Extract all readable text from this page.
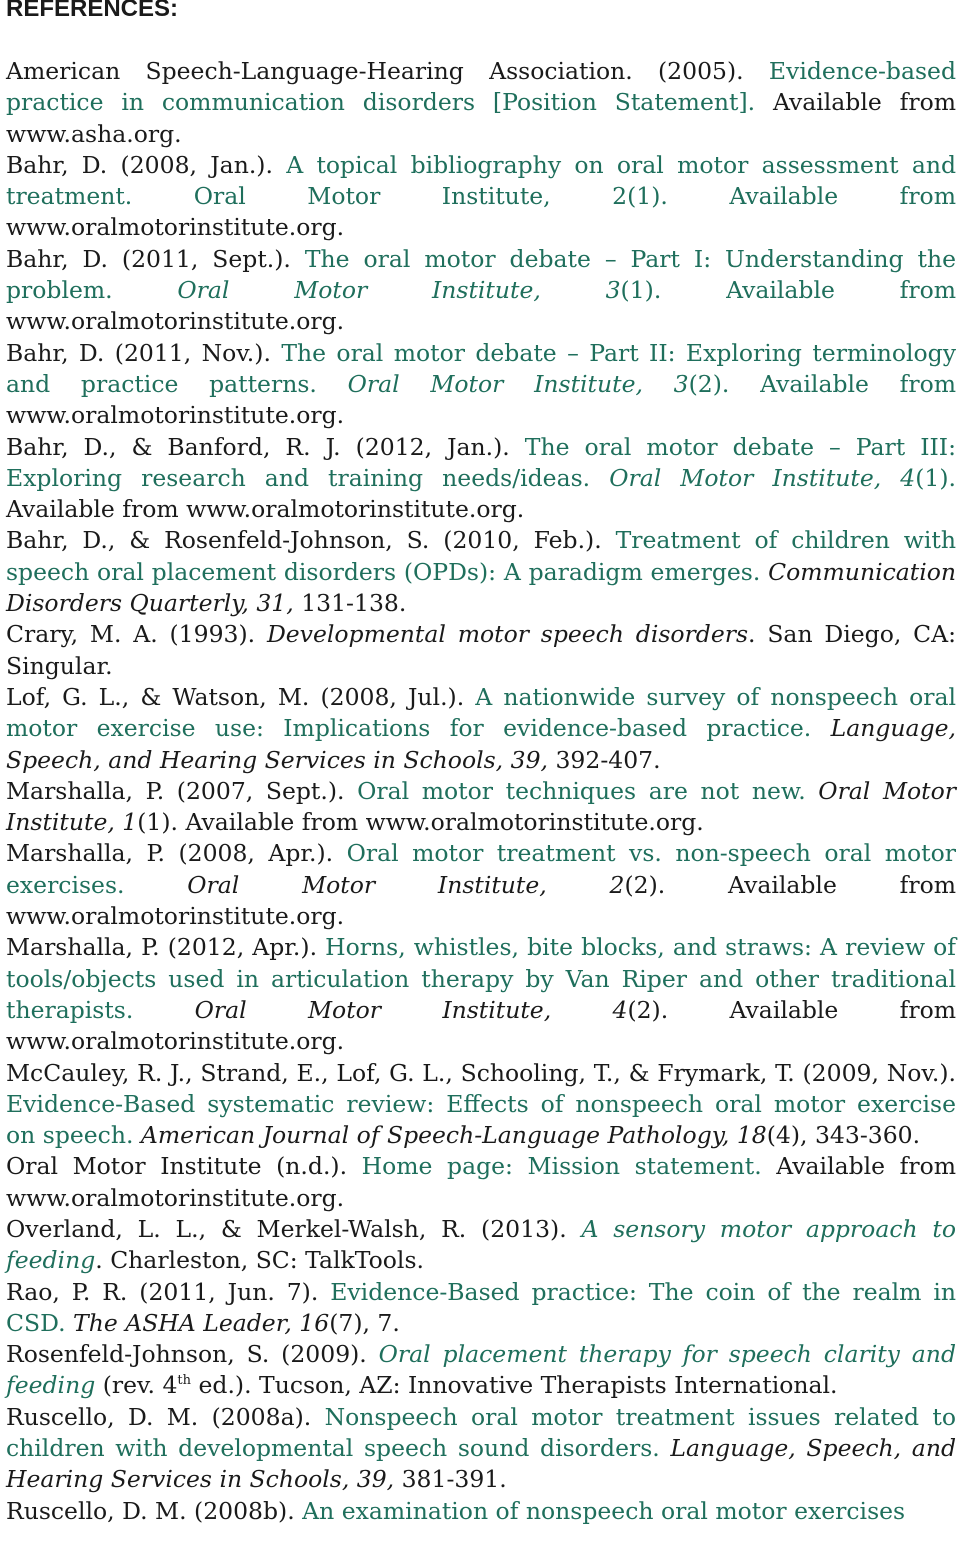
REFERENCES:

American Speech-Language-Hearing Association. (2005). Evidence-based practice in communication disorders [Position Statement]. Available from www.asha.org.

Bahr, D. (2008, Jan.). A topical bibliography on oral motor assessment and treatment. Oral Motor Institute, 2(1). Available from www.oralmotorinstitute.org.

Bahr, D. (2011, Sept.). The oral motor debate – Part I: Understanding the problem. Oral Motor Institute, 3(1). Available from www.oralmotorinstitute.org.

Bahr, D. (2011, Nov.). The oral motor debate – Part II: Exploring terminology and practice patterns. Oral Motor Institute, 3(2). Available from www.oralmotorinstitute.org.

Bahr, D., & Banford, R. J. (2012, Jan.). The oral motor debate – Part III: Exploring research and training needs/ideas. Oral Motor Institute, 4(1). Available from www.oralmotorinstitute.org.

Bahr, D., & Rosenfeld-Johnson, S. (2010, Feb.). Treatment of children with speech oral placement disorders (OPDs): A paradigm emerges. Communication Disorders Quarterly, 31, 131-138.

Crary, M. A. (1993). Developmental motor speech disorders. San Diego, CA: Singular.

Lof, G. L., & Watson, M. (2008, Jul.). A nationwide survey of nonspeech oral motor exercise use: Implications for evidence-based practice. Language, Speech, and Hearing Services in Schools, 39, 392-407.

Marshalla, P. (2007, Sept.). Oral motor techniques are not new. Oral Motor Institute, 1(1). Available from www.oralmotorinstitute.org.

Marshalla, P. (2008, Apr.). Oral motor treatment vs. non-speech oral motor exercises. Oral Motor Institute, 2(2). Available from www.oralmotorinstitute.org.

Marshalla, P. (2012, Apr.). Horns, whistles, bite blocks, and straws: A review of tools/objects used in articulation therapy by Van Riper and other traditional therapists. Oral Motor Institute, 4(2). Available from www.oralmotorinstitute.org.

McCauley, R. J., Strand, E., Lof, G. L., Schooling, T., & Frymark, T. (2009, Nov.). Evidence-Based systematic review: Effects of nonspeech oral motor exercise on speech. American Journal of Speech-Language Pathology, 18(4), 343-360.

Oral Motor Institute (n.d.). Home page: Mission statement. Available from www.oralmotorinstitute.org.

Overland, L. L., & Merkel-Walsh, R. (2013). A sensory motor approach to feeding. Charleston, SC: TalkTools.

Rao, P. R. (2011, Jun. 7). Evidence-Based practice: The coin of the realm in CSD. The ASHA Leader, 16(7), 7.

Rosenfeld-Johnson, S. (2009). Oral placement therapy for speech clarity and feeding (rev. 4th ed.). Tucson, AZ: Innovative Therapists International.

Ruscello, D. M. (2008a). Nonspeech oral motor treatment issues related to children with developmental speech sound disorders. Language, Speech, and Hearing Services in Schools, 39, 381-391.

Ruscello, D. M. (2008b). An examination of nonspeech oral motor exercises
